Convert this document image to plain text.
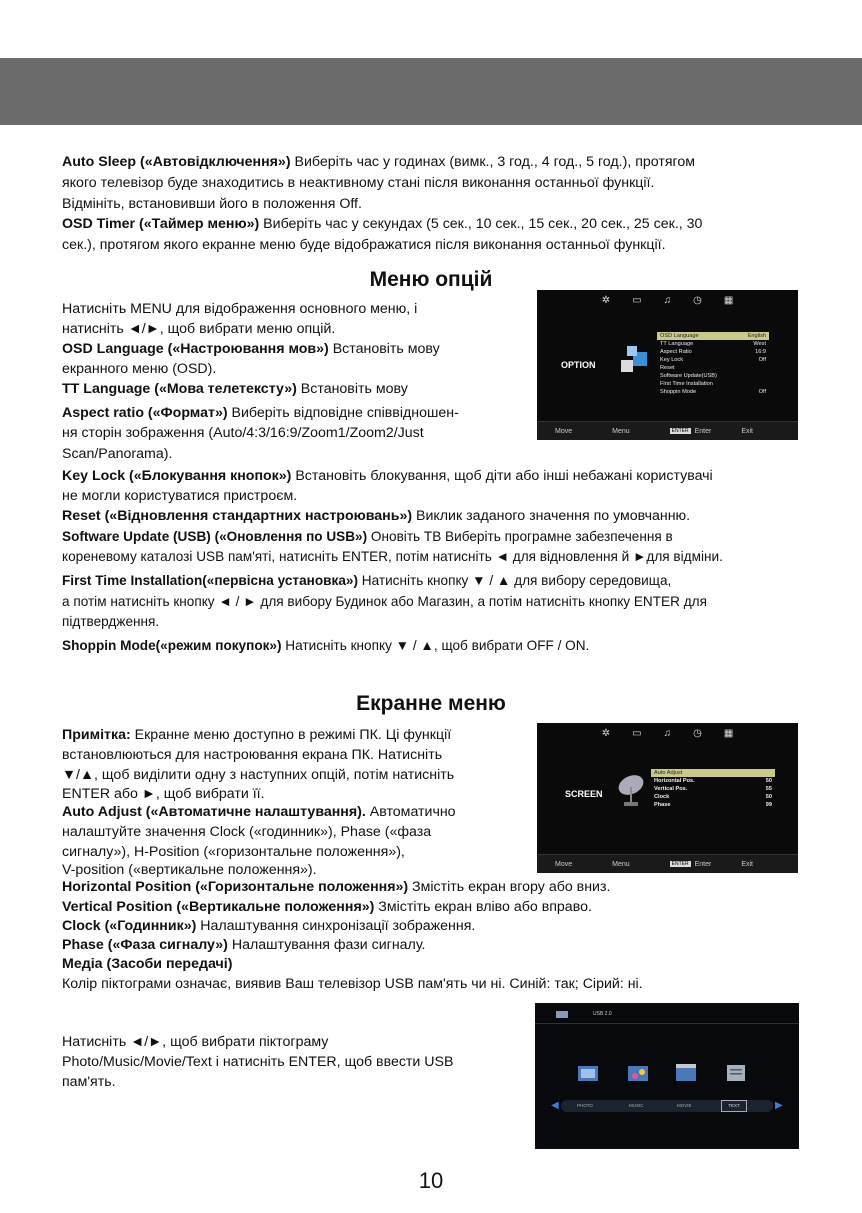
Auto Sleep («Автовідключення») Виберіть час у годинах (вимк., 3 год., 4 год., 5 год.), протягом

якого телевізор буде знаходитись в неактивному стані після виконання останньої функції.

Відмініть, встановивши його в положення Off.

OSD Timer («Таймер меню») Виберіть час у секундах (5 сек., 10 сек., 15 сек., 20 сек., 25 сек., 30

сек.), протягом якого екранне меню буде відображатися після виконання останньої функції.

Меню опцій

Натисніть MENU для відображення основного меню, і

натисніть ◄/►, щоб вибрати меню опцій.

OSD Language («Настроювання мов») Встановіть мову

екранного меню (OSD).

TT Language («Мова телетексту») Встановіть мову

Aspect ratio («Формат») Виберіть відповідне співвідношен-

ня сторін зображення (Auto/4:3/16:9/Zoom1/Zoom2/Just

Scan/Panorama).

✲ ▭ ♫ ◷ ▦
OPTION
OSD Language	English
TT Language	West
Aspect Ratio	16:9
Key Lock	Off
Reset
Software Update(USB)
First Time Installation
Shoppin Mode	Off
Move	Menu	ENTER Enter	Exit

Key Lock («Блокування кнопок») Встановіть блокування, щоб діти або інші небажані користувачі

не могли користуватися пристроєм.

Reset («Відновлення стандартних настроювань») Виклик заданого значення по умовчанню.

Software Update (USB) («Оновлення по USB») Оновіть ТВ Виберіть програмне забезпечення в

кореневому каталозі USB пам'яті, натисніть ENTER, потім натисніть ◄ для відновлення й ►для відміни.

First Time Installation(«первісна установка») Натисніть кнопку ▼ / ▲ для вибору середовища,

а потім натисніть кнопку ◄ / ► для вибору Будинок або Магазин, а потім натисніть кнопку ENTER для

підтвердження.

Shoppin Mode(«режим покупок») Натисніть кнопку ▼ / ▲, щоб вибрати OFF / ON.

Екранне меню

Примітка: Екранне меню доступно в режимі ПК. Ці функції

встановлюються для настроювання екрана ПК. Натисніть

▼/▲, щоб виділити одну з наступних опцій, потім натисніть

ENTER або ►, щоб вибрати її.

Auto Adjust («Автоматичне налаштування). Автоматично

налаштуйте значення Clock («годинник»), Phase («фаза

сигналу»), H-Position («горизонтальне положення»),

V-position («вертикальне положення»).

✲ ▭ ♫ ◷ ▦
SCREEN
Auto Adjust
Horizontal Pos.	50
Vertical Pos.	55
Clock	50
Phase	99
Move	Menu	ENTER Enter	Exit

Horizontal Position («Горизонтальне положення») Змістіть екран вгору або вниз.

Vertical Position («Вертикальне положення») Змістіть екран вліво або вправо.

Clock («Годинник») Налаштування синхронізації зображення.

Phase («Фаза сигналу») Налаштування фази сигналу.

Медіа (Засоби передачі)

Колір піктограми означає, виявив Ваш телевізор USB пам'ять чи ні. Синій: так; Сірий: ні.

Натисніть ◄/►, щоб вибрати піктограму

Photo/Music/Movie/Text і натисніть ENTER, щоб ввести USB

пам'ять.

USB 2.0
◀	▶
PHOTO	MUSIC	MOVIE	TEXT
10
